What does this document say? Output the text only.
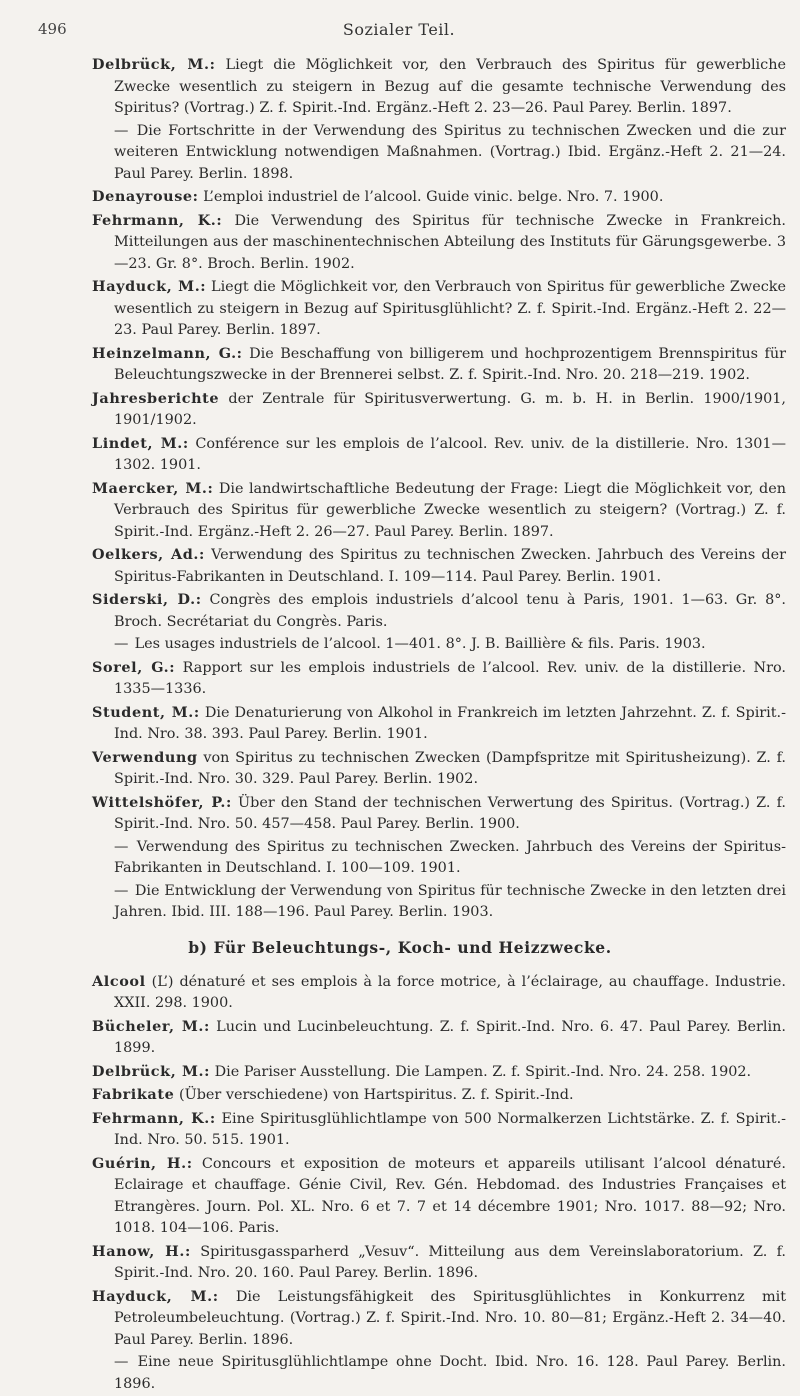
496	Sozialer Teil.
Delbrück, M.: Liegt die Möglichkeit vor, den Verbrauch des Spiritus für gewerbliche Zwecke wesentlich zu steigern in Bezug auf die gesamte technische Verwendung des Spiritus? (Vortrag.) Z. f. Spirit.-Ind. Ergänz.-Heft 2. 23—26. Paul Parey. Berlin. 1897.
— Die Fortschritte in der Verwendung des Spiritus zu technischen Zwecken und die zur weiteren Entwicklung notwendigen Maßnahmen. (Vortrag.) Ibid. Ergänz.-Heft 2. 21—24. Paul Parey. Berlin. 1898.
Denayrouse: L’emploi industriel de l’alcool. Guide vinic. belge. Nro. 7. 1900.
Fehrmann, K.: Die Verwendung des Spiritus für technische Zwecke in Frankreich. Mitteilungen aus der maschinentechnischen Abteilung des Instituts für Gärungsgewerbe. 3—23. Gr. 8°. Broch. Berlin. 1902.
Hayduck, M.: Liegt die Möglichkeit vor, den Verbrauch von Spiritus für gewerbliche Zwecke wesentlich zu steigern in Bezug auf Spiritusglühlicht? Z. f. Spirit.-Ind. Ergänz.-Heft 2. 22—23. Paul Parey. Berlin. 1897.
Heinzelmann, G.: Die Beschaffung von billigerem und hochprozentigem Brennspiritus für Beleuchtungszwecke in der Brennerei selbst. Z. f. Spirit.-Ind. Nro. 20. 218—219. 1902.
Jahresberichte der Zentrale für Spiritusverwertung. G. m. b. H. in Berlin. 1900/1901, 1901/1902.
Lindet, M.: Conférence sur les emplois de l’alcool. Rev. univ. de la distillerie. Nro. 1301—1302. 1901.
Maercker, M.: Die landwirtschaftliche Bedeutung der Frage: Liegt die Möglichkeit vor, den Verbrauch des Spiritus für gewerbliche Zwecke wesentlich zu steigern? (Vortrag.) Z. f. Spirit.-Ind. Ergänz.-Heft 2. 26—27. Paul Parey. Berlin. 1897.
Oelkers, Ad.: Verwendung des Spiritus zu technischen Zwecken. Jahrbuch des Vereins der Spiritus-Fabrikanten in Deutschland. I. 109—114. Paul Parey. Berlin. 1901.
Siderski, D.: Congrès des emplois industriels d’alcool tenu à Paris, 1901. 1—63. Gr. 8°. Broch. Secrétariat du Congrès. Paris.
— Les usages industriels de l’alcool. 1—401. 8°. J. B. Baillière & fils. Paris. 1903.
Sorel, G.: Rapport sur les emplois industriels de l’alcool. Rev. univ. de la distillerie. Nro. 1335—1336.
Student, M.: Die Denaturierung von Alkohol in Frankreich im letzten Jahrzehnt. Z. f. Spirit.-Ind. Nro. 38. 393. Paul Parey. Berlin. 1901.
Verwendung von Spiritus zu technischen Zwecken (Dampfspritze mit Spiritusheizung). Z. f. Spirit.-Ind. Nro. 30. 329. Paul Parey. Berlin. 1902.
Wittelshöfer, P.: Über den Stand der technischen Verwertung des Spiritus. (Vortrag.) Z. f. Spirit.-Ind. Nro. 50. 457—458. Paul Parey. Berlin. 1900.
— Verwendung des Spiritus zu technischen Zwecken. Jahrbuch des Vereins der Spiritus-Fabrikanten in Deutschland. I. 100—109. 1901.
— Die Entwicklung der Verwendung von Spiritus für technische Zwecke in den letzten drei Jahren. Ibid. III. 188—196. Paul Parey. Berlin. 1903.
b) Für Beleuchtungs-, Koch- und Heizzwecke.
Alcool (L’) dénaturé et ses emplois à la force motrice, à l’éclairage, au chauffage. Industrie. XXII. 298. 1900.
Bücheler, M.: Lucin und Lucinbeleuchtung. Z. f. Spirit.-Ind. Nro. 6. 47. Paul Parey. Berlin. 1899.
Delbrück, M.: Die Pariser Ausstellung. Die Lampen. Z. f. Spirit.-Ind. Nro. 24. 258. 1902.
Fabrikate (Über verschiedene) von Hartspiritus. Z. f. Spirit.-Ind.
Fehrmann, K.: Eine Spiritusglühlichtlampe von 500 Normalkerzen Lichtstärke. Z. f. Spirit.-Ind. Nro. 50. 515. 1901.
Guérin, H.: Concours et exposition de moteurs et appareils utilisant l’alcool dénaturé. Eclairage et chauffage. Génie Civil, Rev. Gén. Hebdomad. des Industries Françaises et Etrangères. Journ. Pol. XL. Nro. 6 et 7. 7 et 14 décembre 1901; Nro. 1017. 88—92; Nro. 1018. 104—106. Paris.
Hanow, H.: Spiritusgassparherd „Vesuv“. Mitteilung aus dem Vereinslaboratorium. Z. f. Spirit.-Ind. Nro. 20. 160. Paul Parey. Berlin. 1896.
Hayduck, M.: Die Leistungsfähigkeit des Spiritusglühlichtes in Konkurrenz mit Petroleumbeleuchtung. (Vortrag.) Z. f. Spirit.-Ind. Nro. 10. 80—81; Ergänz.-Heft 2. 34—40. Paul Parey. Berlin. 1896.
— Eine neue Spiritusglühlichtlampe ohne Docht. Ibid. Nro. 16. 128. Paul Parey. Berlin. 1896.
